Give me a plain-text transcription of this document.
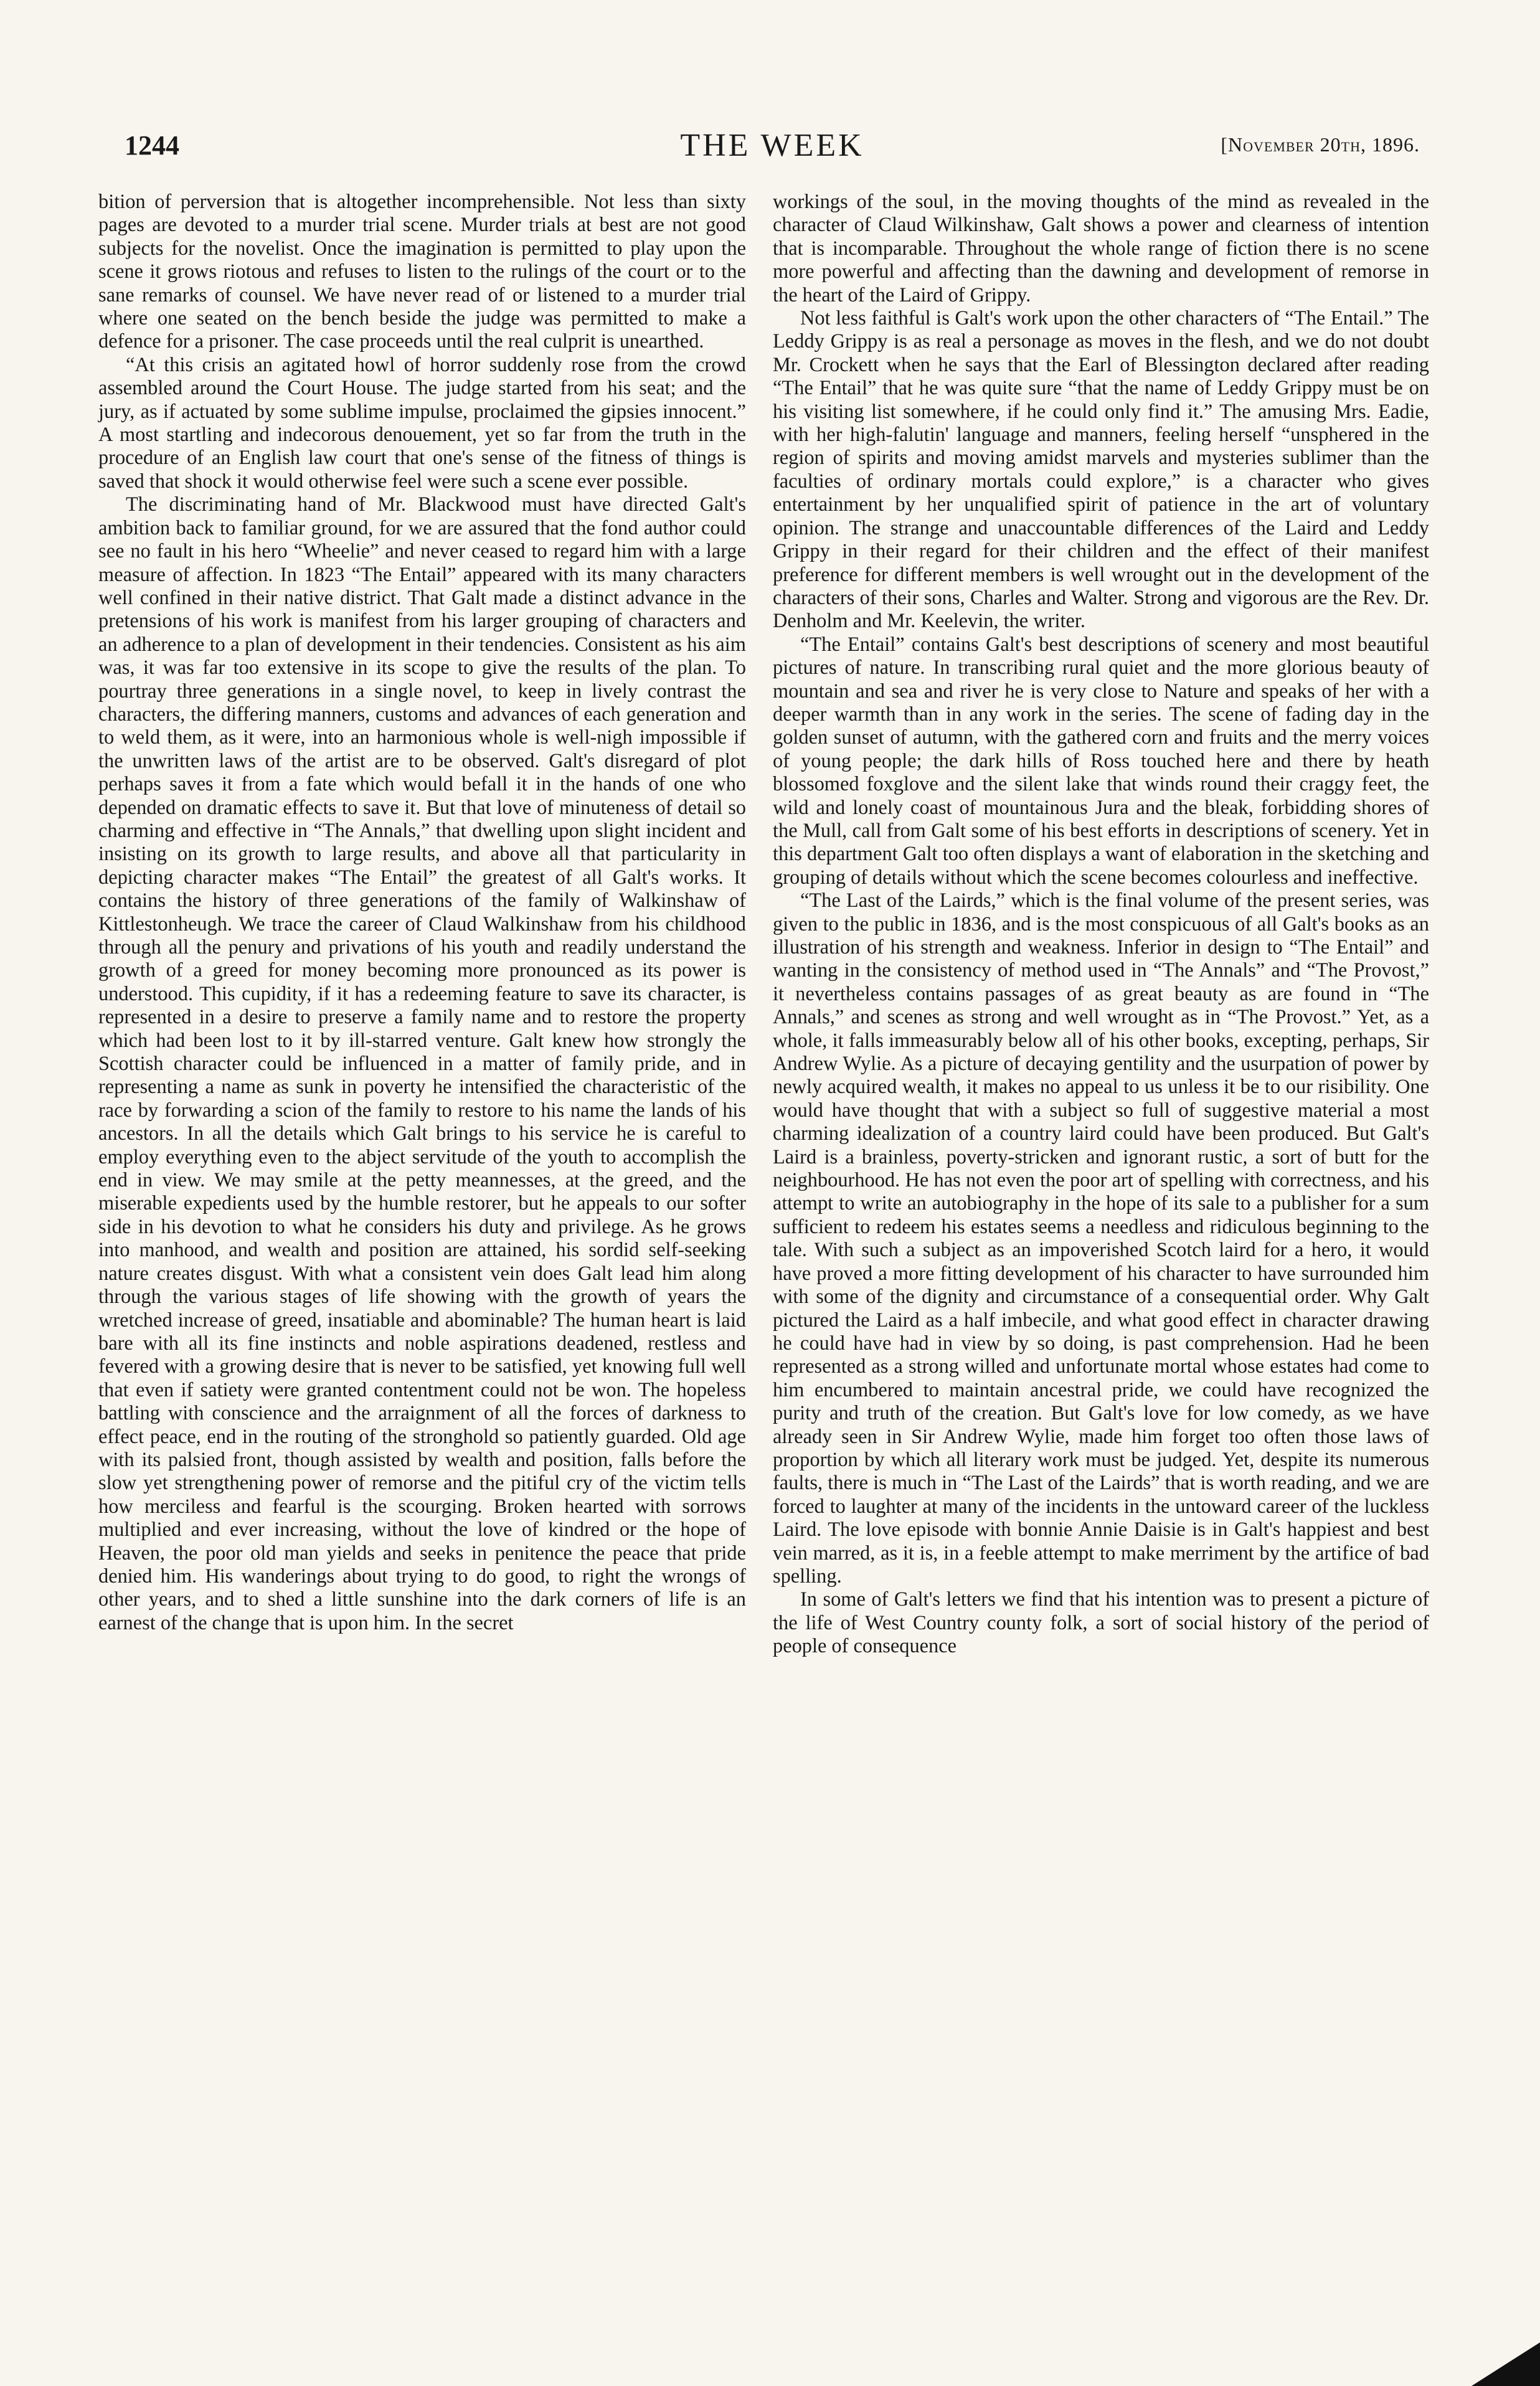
1244	THE WEEK	[November 20th, 1896.

bition of perversion that is altogether incomprehensible. Not less than sixty pages are devoted to a murder trial scene. Murder trials at best are not good subjects for the novelist. Once the imagination is permitted to play upon the scene it grows riotous and refuses to listen to the rulings of the court or to the sane remarks of counsel. We have never read of or listened to a murder trial where one seated on the bench beside the judge was permitted to make a defence for a prisoner. The case proceeds until the real culprit is unearthed.

“At this crisis an agitated howl of horror suddenly rose from the crowd assembled around the Court House. The judge started from his seat; and the jury, as if actuated by some sublime impulse, proclaimed the gipsies innocent.” A most startling and indecorous denouement, yet so far from the truth in the procedure of an English law court that one's sense of the fitness of things is saved that shock it would otherwise feel were such a scene ever possible.

The discriminating hand of Mr. Blackwood must have directed Galt's ambition back to familiar ground, for we are assured that the fond author could see no fault in his hero “Wheelie” and never ceased to regard him with a large measure of affection. In 1823 “The Entail” appeared with its many characters well confined in their native district. That Galt made a distinct advance in the pretensions of his work is manifest from his larger grouping of characters and an adherence to a plan of development in their tendencies. Consistent as his aim was, it was far too extensive in its scope to give the results of the plan. To pourtray three generations in a single novel, to keep in lively contrast the characters, the differing manners, customs and advances of each generation and to weld them, as it were, into an harmonious whole is well-nigh impossible if the unwritten laws of the artist are to be observed. Galt's disregard of plot perhaps saves it from a fate which would befall it in the hands of one who depended on dramatic effects to save it. But that love of minuteness of detail so charming and effective in “The Annals,” that dwelling upon slight incident and insisting on its growth to large results, and above all that particularity in depicting character makes “The Entail” the greatest of all Galt's works. It contains the history of three generations of the family of Walkinshaw of Kittlestonheugh. We trace the career of Claud Walkinshaw from his childhood through all the penury and privations of his youth and readily understand the growth of a greed for money becoming more pronounced as its power is understood. This cupidity, if it has a redeeming feature to save its character, is represented in a desire to preserve a family name and to restore the property which had been lost to it by ill-starred venture. Galt knew how strongly the Scottish character could be influenced in a matter of family pride, and in representing a name as sunk in poverty he intensified the characteristic of the race by forwarding a scion of the family to restore to his name the lands of his ancestors. In all the details which Galt brings to his service he is careful to employ everything even to the abject servitude of the youth to accomplish the end in view. We may smile at the petty meannesses, at the greed, and the miserable expedients used by the humble restorer, but he appeals to our softer side in his devotion to what he considers his duty and privilege. As he grows into manhood, and wealth and position are attained, his sordid self-seeking nature creates disgust. With what a consistent vein does Galt lead him along through the various stages of life showing with the growth of years the wretched increase of greed, insatiable and abominable? The human heart is laid bare with all its fine instincts and noble aspirations deadened, restless and fevered with a growing desire that is never to be satisfied, yet knowing full well that even if satiety were granted contentment could not be won. The hopeless battling with conscience and the arraignment of all the forces of darkness to effect peace, end in the routing of the stronghold so patiently guarded. Old age with its palsied front, though assisted by wealth and position, falls before the slow yet strengthening power of remorse and the pitiful cry of the victim tells how merciless and fearful is the scourging. Broken hearted with sorrows multiplied and ever increasing, without the love of kindred or the hope of Heaven, the poor old man yields and seeks in penitence the peace that pride denied him. His wanderings about trying to do good, to right the wrongs of other years, and to shed a little sunshine into the dark corners of life is an earnest of the change that is upon him. In the secret

workings of the soul, in the moving thoughts of the mind as revealed in the character of Claud Wilkinshaw, Galt shows a power and clearness of intention that is incomparable. Throughout the whole range of fiction there is no scene more powerful and affecting than the dawning and development of remorse in the heart of the Laird of Grippy.

Not less faithful is Galt's work upon the other characters of “The Entail.” The Leddy Grippy is as real a personage as moves in the flesh, and we do not doubt Mr. Crockett when he says that the Earl of Blessington declared after reading “The Entail” that he was quite sure “that the name of Leddy Grippy must be on his visiting list somewhere, if he could only find it.” The amusing Mrs. Eadie, with her high-falutin' language and manners, feeling herself “unsphered in the region of spirits and moving amidst marvels and mysteries sublimer than the faculties of ordinary mortals could explore,” is a character who gives entertainment by her unqualified spirit of patience in the art of voluntary opinion. The strange and unaccountable differences of the Laird and Leddy Grippy in their regard for their children and the effect of their manifest preference for different members is well wrought out in the development of the characters of their sons, Charles and Walter. Strong and vigorous are the Rev. Dr. Denholm and Mr. Keelevin, the writer.

“The Entail” contains Galt's best descriptions of scenery and most beautiful pictures of nature. In transcribing rural quiet and the more glorious beauty of mountain and sea and river he is very close to Nature and speaks of her with a deeper warmth than in any work in the series. The scene of fading day in the golden sunset of autumn, with the gathered corn and fruits and the merry voices of young people; the dark hills of Ross touched here and there by heath blossomed foxglove and the silent lake that winds round their craggy feet, the wild and lonely coast of mountainous Jura and the bleak, forbidding shores of the Mull, call from Galt some of his best efforts in descriptions of scenery. Yet in this department Galt too often displays a want of elaboration in the sketching and grouping of details without which the scene becomes colourless and ineffective.

“The Last of the Lairds,” which is the final volume of the present series, was given to the public in 1836, and is the most conspicuous of all Galt's books as an illustration of his strength and weakness. Inferior in design to “The Entail” and wanting in the consistency of method used in “The Annals” and “The Provost,” it nevertheless contains passages of as great beauty as are found in “The Annals,” and scenes as strong and well wrought as in “The Provost.” Yet, as a whole, it falls immeasurably below all of his other books, excepting, perhaps, Sir Andrew Wylie. As a picture of decaying gentility and the usurpation of power by newly acquired wealth, it makes no appeal to us unless it be to our risibility. One would have thought that with a subject so full of suggestive material a most charming idealization of a country laird could have been produced. But Galt's Laird is a brainless, poverty-stricken and ignorant rustic, a sort of butt for the neighbourhood. He has not even the poor art of spelling with correctness, and his attempt to write an autobiography in the hope of its sale to a publisher for a sum sufficient to redeem his estates seems a needless and ridiculous beginning to the tale. With such a subject as an impoverished Scotch laird for a hero, it would have proved a more fitting development of his character to have surrounded him with some of the dignity and circumstance of a consequential order. Why Galt pictured the Laird as a half imbecile, and what good effect in character drawing he could have had in view by so doing, is past comprehension. Had he been represented as a strong willed and unfortunate mortal whose estates had come to him encumbered to maintain ancestral pride, we could have recognized the purity and truth of the creation. But Galt's love for low comedy, as we have already seen in Sir Andrew Wylie, made him forget too often those laws of proportion by which all literary work must be judged. Yet, despite its numerous faults, there is much in “The Last of the Lairds” that is worth reading, and we are forced to laughter at many of the incidents in the untoward career of the luckless Laird. The love episode with bonnie Annie Daisie is in Galt's happiest and best vein marred, as it is, in a feeble attempt to make merriment by the artifice of bad spelling.

In some of Galt's letters we find that his intention was to present a picture of the life of West Country county folk, a sort of social history of the period of people of consequence
